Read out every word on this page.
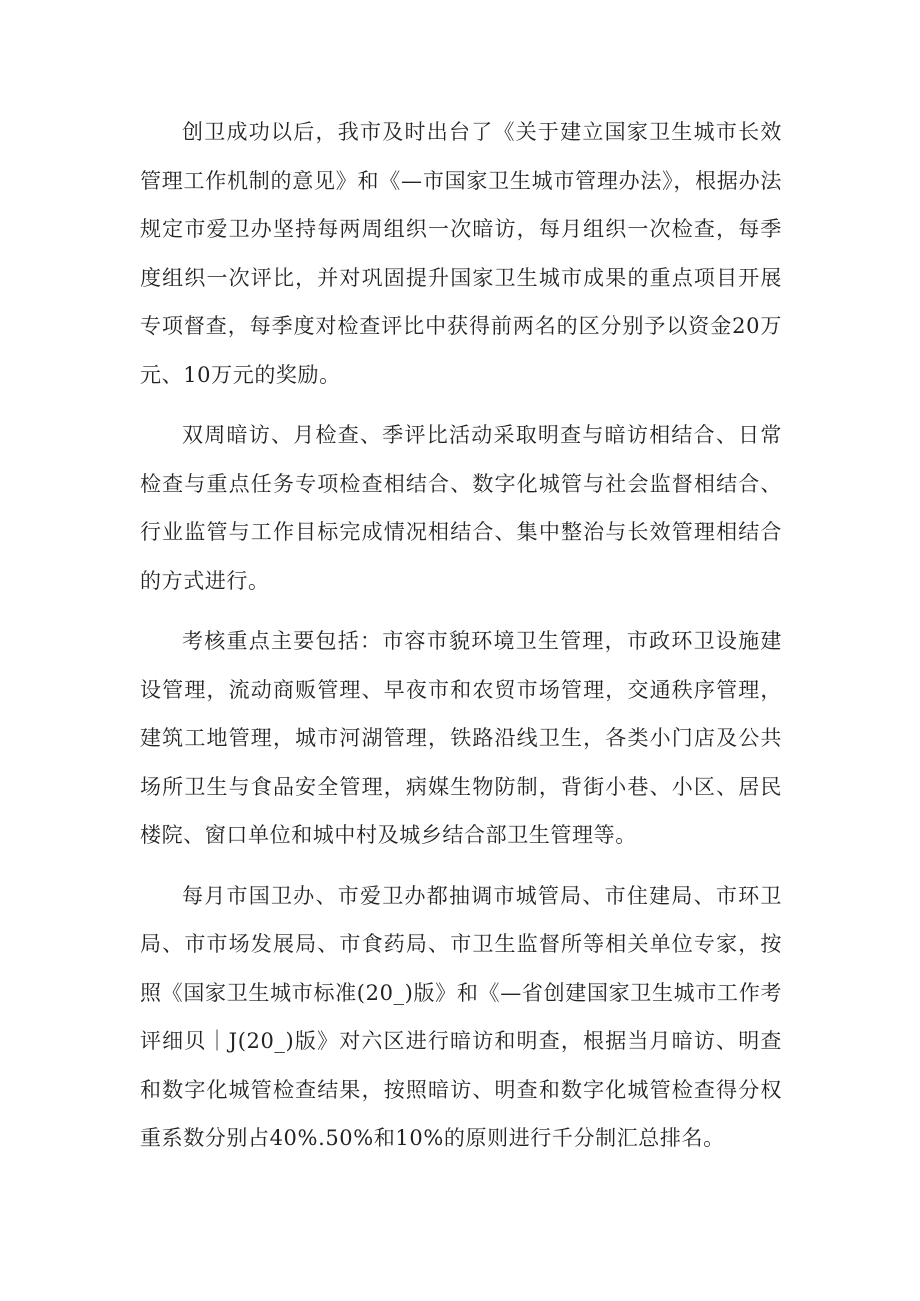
创卫成功以后，我市及时出台了《关于建立国家卫生城市长效管理工作机制的意见》和《—市国家卫生城市管理办法》，根据办法规定市爱卫办坚持每两周组织一次暗访，每月组织一次检查，每季度组织一次评比，并对巩固提升国家卫生城市成果的重点项目开展专项督查，每季度对检查评比中获得前两名的区分别予以资金20万元、10万元的奖励。

双周暗访、月检查、季评比活动采取明查与暗访相结合、日常检查与重点任务专项检查相结合、数字化城管与社会监督相结合、行业监管与工作目标完成情况相结合、集中整治与长效管理相结合的方式进行。

考核重点主要包括：市容市貌环境卫生管理，市政环卫设施建设管理，流动商贩管理、早夜市和农贸市场管理，交通秩序管理，建筑工地管理，城市河湖管理，铁路沿线卫生，各类小门店及公共场所卫生与食品安全管理，病媒生物防制，背街小巷、小区、居民楼院、窗口单位和城中村及城乡结合部卫生管理等。

每月市国卫办、市爱卫办都抽调市城管局、市住建局、市环卫局、市市场发展局、市食药局、市卫生监督所等相关单位专家，按照《国家卫生城市标准(20_)版》和《—省创建国家卫生城市工作考评细贝｜J(20_)版》对六区进行暗访和明查，根据当月暗访、明查和数字化城管检查结果，按照暗访、明查和数字化城管检查得分权重系数分别占40%.50%和10%的原则进行千分制汇总排名。
